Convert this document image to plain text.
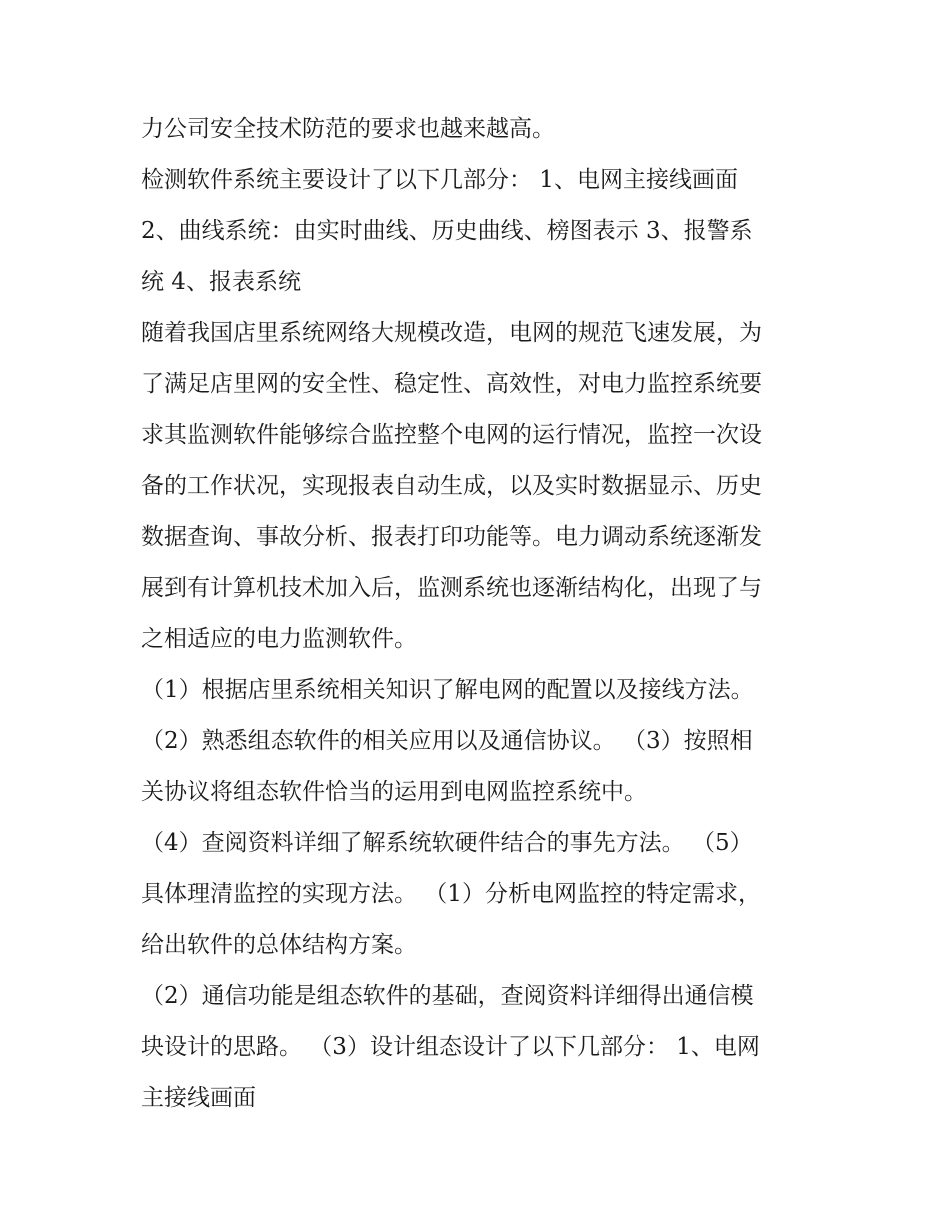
力公司安全技术防范的要求也越来越高。
检测软件系统主要设计了以下几部分： 1、电网主接线画面
2、曲线系统：由实时曲线、历史曲线、榜图表示 3、报警系
统 4、报表系统
随着我国店里系统网络大规模改造，电网的规范飞速发展，为
了满足店里网的安全性、稳定性、高效性，对电力监控系统要
求其监测软件能够综合监控整个电网的运行情况，监控一次设
备的工作状况，实现报表自动生成，以及实时数据显示、历史
数据查询、事故分析、报表打印功能等。电力调动系统逐渐发
展到有计算机技术加入后，监测系统也逐渐结构化，出现了与
之相适应的电力监测软件。
（1）根据店里系统相关知识了解电网的配置以及接线方法。
（2）熟悉组态软件的相关应用以及通信协议。 （3）按照相
关协议将组态软件恰当的运用到电网监控系统中。
（4）查阅资料详细了解系统软硬件结合的事先方法。 （5）
具体理清监控的实现方法。 （1）分析电网监控的特定需求，
给出软件的总体结构方案。
（2）通信功能是组态软件的基础，查阅资料详细得出通信模
块设计的思路。 （3）设计组态设计了以下几部分： 1、电网
主接线画面
